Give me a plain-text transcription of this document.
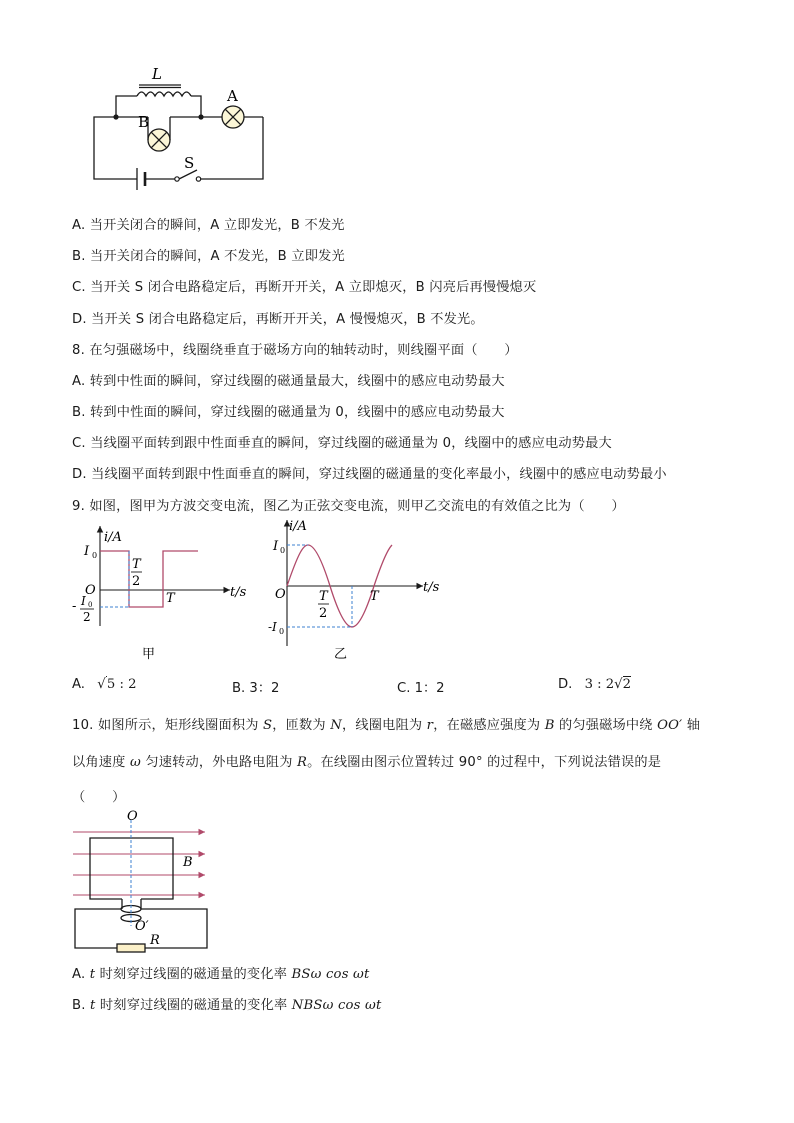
L
A
B
S
A. 当开关闭合的瞬间，A 立即发光，B 不发光
B. 当开关闭合的瞬间，A 不发光，B 立即发光
C. 当开关 S 闭合电路稳定后，再断开开关，A 立即熄灭，B 闪亮后再慢慢熄灭
D. 当开关 S 闭合电路稳定后，再断开开关，A 慢慢熄灭，B 不发光。
8. 在匀强磁场中，线圈绕垂直于磁场方向的轴转动时，则线圈平面（　　）
A. 转到中性面的瞬间，穿过线圈的磁通量最大，线圈中的感应电动势最大
B. 转到中性面的瞬间，穿过线圈的磁通量为 0，线圈中的感应电动势最大
C. 当线圈平面转到跟中性面垂直的瞬间，穿过线圈的磁通量为 0，线圈中的感应电动势最大
D. 当线圈平面转到跟中性面垂直的瞬间，穿过线圈的磁通量的变化率最小，线圈中的感应电动势最小
9. 如图，图甲为方波交变电流，图乙为正弦交变电流，则甲乙交流电的有效值之比为（　　）
i/A
t/s
O
I 0
T
2
T
- I 0
2
甲
i/A
t/s
O
I 0
-I 0
T
2
T
乙
A. √ 5 : 2	B. 3：2	C. 1：2	D. 3 : 2√2
10. 如图所示，矩形线圈面积为 S，匝数为 N，线圈电阻为 r，在磁感应强度为 B 的匀强磁场中绕 OO′ 轴
以角速度 ω 匀速转动，外电路电阻为 R。在线圈由图示位置转过 90° 的过程中，下列说法错误的是
（　　）
O
B
O′
R
A. t 时刻穿过线圈的磁通量的变化率 BSω cos ωt
B. t 时刻穿过线圈的磁通量的变化率 NBSω cos ωt
